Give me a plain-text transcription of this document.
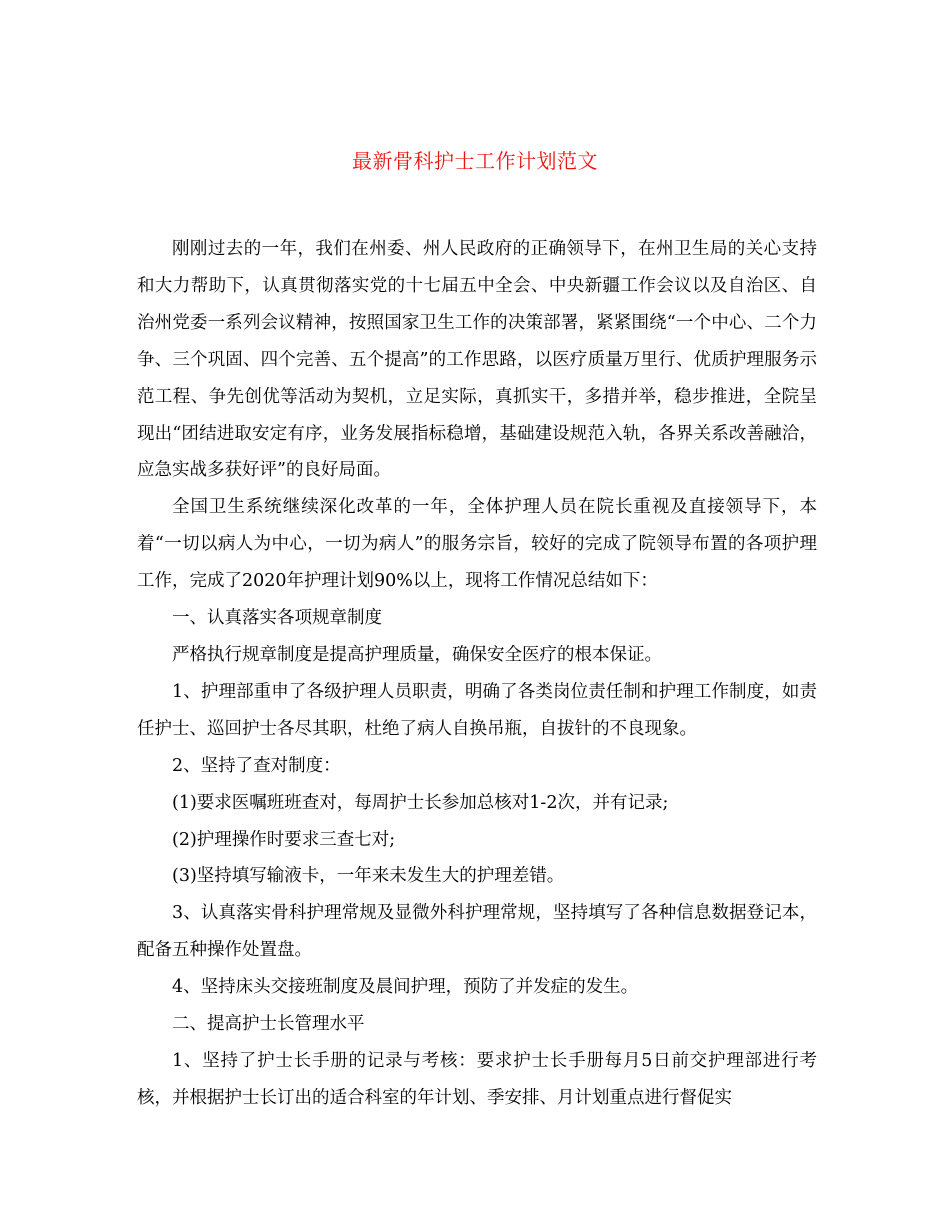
最新骨科护士工作计划范文

刚刚过去的一年，我们在州委、州人民政府的正确领导下，在州卫生局的关心支持和大力帮助下，认真贯彻落实党的十七届五中全会、中央新疆工作会议以及自治区、自治州党委一系列会议精神，按照国家卫生工作的决策部署，紧紧围绕“一个中心、二个力争、三个巩固、四个完善、五个提高”的工作思路，以医疗质量万里行、优质护理服务示范工程、争先创优等活动为契机，立足实际，真抓实干，多措并举，稳步推进，全院呈现出“团结进取安定有序，业务发展指标稳增，基础建设规范入轨，各界关系改善融洽，应急实战多获好评”的良好局面。

全国卫生系统继续深化改革的一年，全体护理人员在院长重视及直接领导下，本着“一切以病人为中心，一切为病人”的服务宗旨，较好的完成了院领导布置的各项护理工作，完成了2020年护理计划90%以上，现将工作情况总结如下：

一、认真落实各项规章制度

严格执行规章制度是提高护理质量，确保安全医疗的根本保证。

1、护理部重申了各级护理人员职责，明确了各类岗位责任制和护理工作制度，如责任护士、巡回护士各尽其职，杜绝了病人自换吊瓶，自拔针的不良现象。

2、坚持了查对制度：

(1)要求医嘱班班查对，每周护士长参加总核对1-2次，并有记录;

(2)护理操作时要求三查七对;

(3)坚持填写输液卡，一年来未发生大的护理差错。

3、认真落实骨科护理常规及显微外科护理常规，坚持填写了各种信息数据登记本，配备五种操作处置盘。

4、坚持床头交接班制度及晨间护理，预防了并发症的发生。

二、提高护士长管理水平

1、坚持了护士长手册的记录与考核：要求护士长手册每月5日前交护理部进行考核，并根据护士长订出的适合科室的年计划、季安排、月计划重点进行督促实
